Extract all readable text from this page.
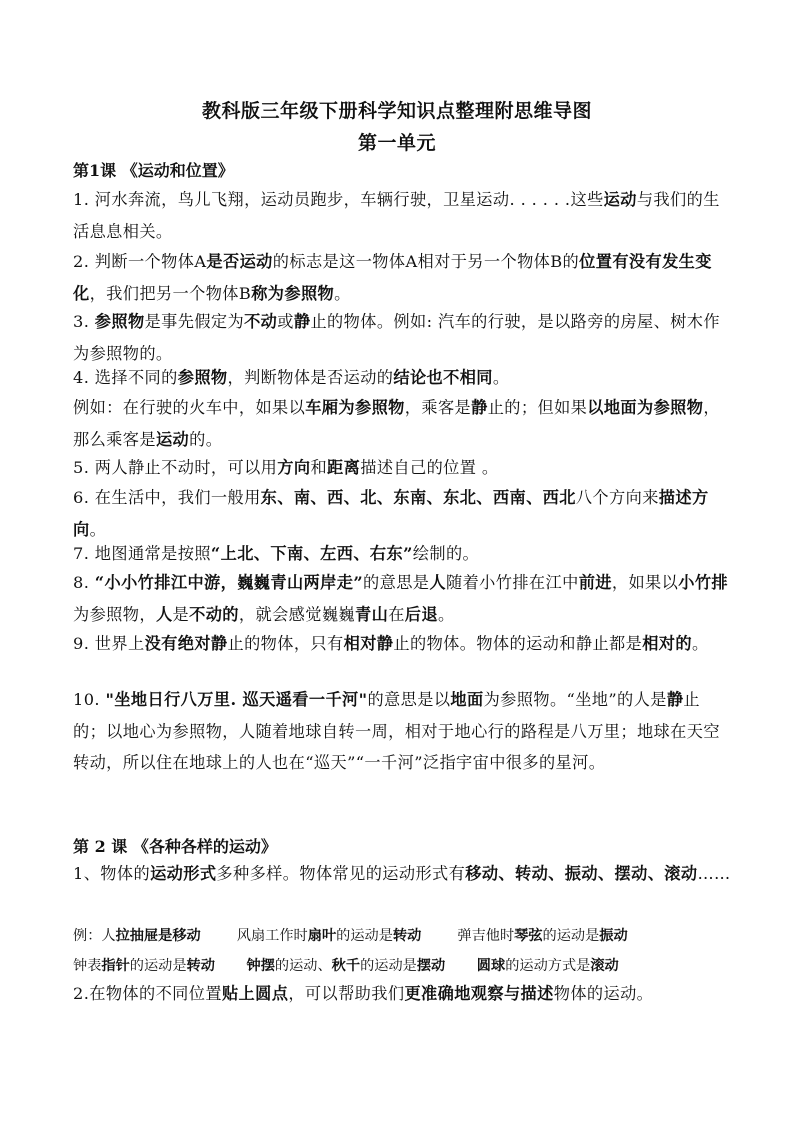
教科版三年级下册科学知识点整理附思维导图
第一单元
第1课 《运动和位置》
1. 河水奔流，鸟儿飞翔，运动员跑步，车辆行驶，卫星运动. . . . . .这些运动与我们的生活息息相关。
2. 判断一个物体A是否运动的标志是这一物体A相对于另一个物体B的位置有没有发生变化，我们把另一个物体B称为参照物。
3. 参照物是事先假定为不动或静止的物体。例如: 汽车的行驶，是以路旁的房屋、树木作为参照物的。
4. 选择不同的参照物，判断物体是否运动的结论也不相同。
例如：在行驶的火车中，如果以车厢为参照物，乘客是静止的；但如果以地面为参照物，那么乘客是运动的。
5. 两人静止不动时，可以用方向和距离描述自己的位置 。
6. 在生活中，我们一般用东、南、西、北、东南、东北、西南、西北八个方向来描述方向。
7. 地图通常是按照“上北、下南、左西、右东”绘制的。
8. “小小竹排江中游，巍巍青山两岸走”的意思是人随着小竹排在江中前进，如果以小竹排为参照物，人是不动的，就会感觉巍巍青山在后退。
9. 世界上没有绝对静止的物体，只有相对静止的物体。物体的运动和静止都是相对的。
10. "坐地日行八万里. 巡天遥看一千河"的意思是以地面为参照物。“坐地”的人是静止的；以地心为参照物，人随着地球自转一周，相对于地心行的路程是八万里；地球在天空转动，所以住在地球上的人也在“巡天”“一千河”泛指宇宙中很多的星河。
第 2 课 《各种各样的运动》
1、物体的运动形式多种多样。物体常见的运动形式有移动、转动、振动、摆动、滚动……
例：人拉抽屉是移动        风扇工作时扇叶的运动是转动        弹吉他时琴弦的运动是振动
钟表指针的运动是转动 钟摆的运动、秋千的运动是摆动 圆球的运动方式是滚动
2.在物体的不同位置贴上圆点，可以帮助我们更准确地观察与描述物体的运动。
